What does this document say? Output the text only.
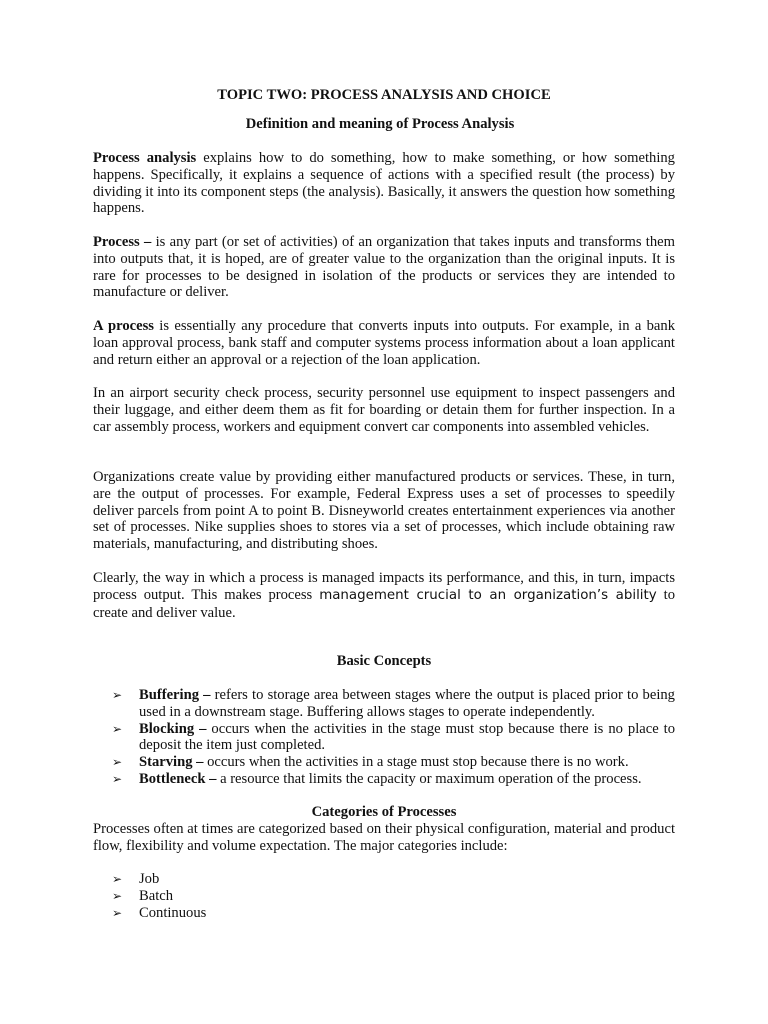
TOPIC TWO: PROCESS ANALYSIS AND CHOICE

Definition and meaning of Process Analysis

Process analysis explains how to do something, how to make something, or how something happens. Specifically, it explains a sequence of actions with a specified result (the process) by dividing it into its component steps (the analysis). Basically, it answers the question how something happens.

Process – is any part (or set of activities) of an organization that takes inputs and transforms them into outputs that, it is hoped, are of greater value to the organization than the original inputs. It is rare for processes to be designed in isolation of the products or services they are intended to manufacture or deliver.

A process is essentially any procedure that converts inputs into outputs. For example, in a bank loan approval process, bank staff and computer systems process information about a loan applicant and return either an approval or a rejection of the loan application.

In an airport security check process, security personnel use equipment to inspect passengers and their luggage, and either deem them as fit for boarding or detain them for further inspection. In a car assembly process, workers and equipment convert car components into assembled vehicles.

Organizations create value by providing either manufactured products or services. These, in turn, are the output of processes. For example, Federal Express uses a set of processes to speedily deliver parcels from point A to point B. Disneyworld creates entertainment experiences via another set of processes. Nike supplies shoes to stores via a set of processes, which include obtaining raw materials, manufacturing, and distributing shoes.

Clearly, the way in which a process is managed impacts its performance, and this, in turn, impacts process output. This makes process management crucial to an organization’s ability to create and deliver value.

Basic Concepts

➢ Buffering – refers to storage area between stages where the output is placed prior to being used in a downstream stage. Buffering allows stages to operate independently.
➢ Blocking – occurs when the activities in the stage must stop because there is no place to deposit the item just completed.
➢ Starving – occurs when the activities in a stage must stop because there is no work.
➢ Bottleneck – a resource that limits the capacity or maximum operation of the process.

Categories of Processes

Processes often at times are categorized based on their physical configuration, material and product flow, flexibility and volume expectation. The major categories include:

➢ Job
➢ Batch
➢ Continuous
